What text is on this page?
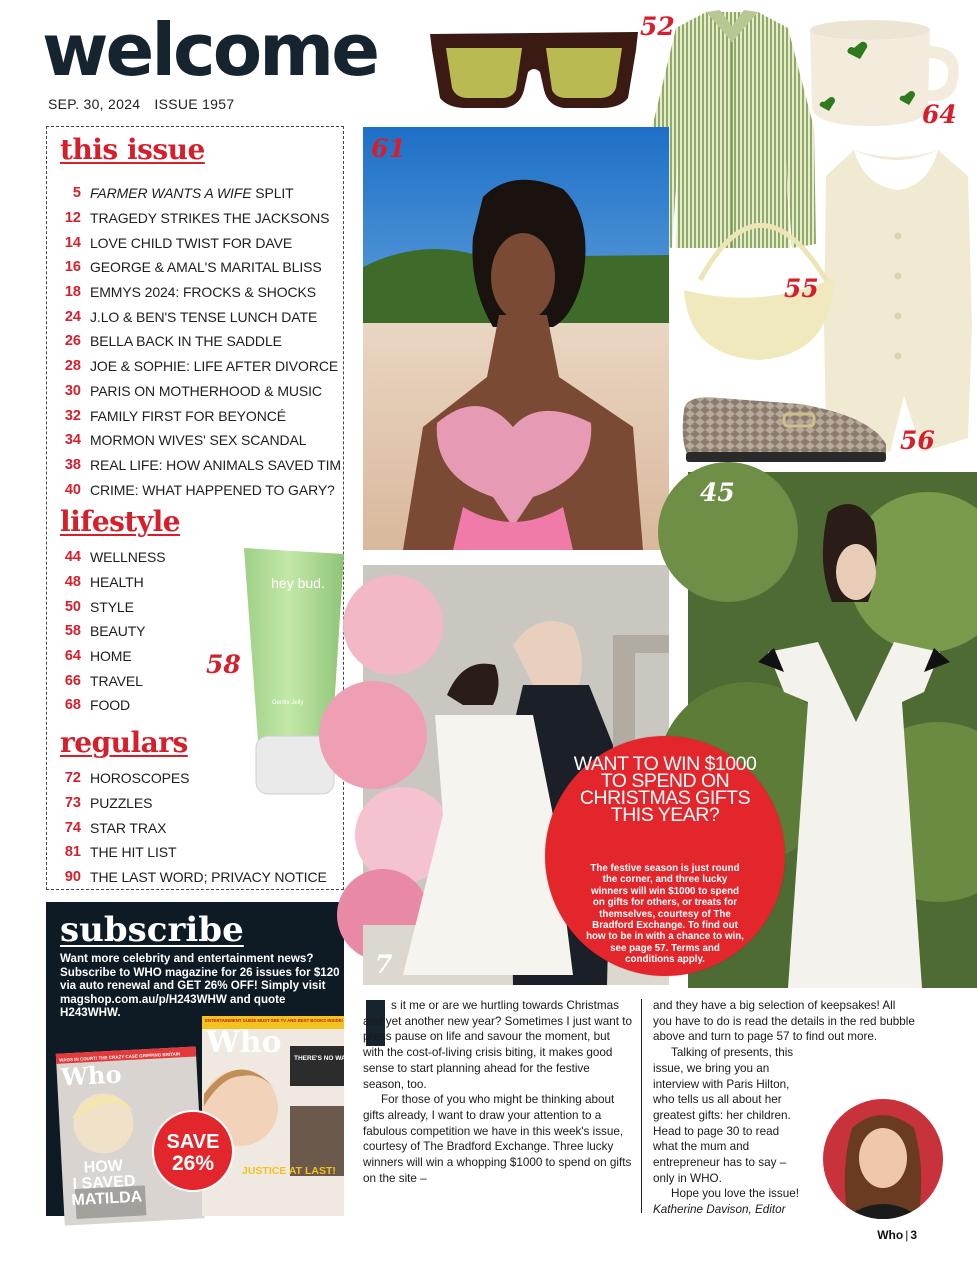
welcome
SEP. 30, 2024 ISSUE 1957
this issue
5 FARMER WANTS A WIFE SPLIT
12 TRAGEDY STRIKES THE JACKSONS
14 LOVE CHILD TWIST FOR DAVE
16 GEORGE & AMAL'S MARITAL BLISS
18 EMMYS 2024: FROCKS & SHOCKS
24 J.LO & BEN'S TENSE LUNCH DATE
26 BELLA BACK IN THE SADDLE
28 JOE & SOPHIE: LIFE AFTER DIVORCE
30 PARIS ON MOTHERHOOD & MUSIC
32 FAMILY FIRST FOR BEYONCÉ
34 MORMON WIVES' SEX SCANDAL
38 REAL LIFE: HOW ANIMALS SAVED TIM
40 CRIME: WHAT HAPPENED TO GARY?
lifestyle
44 WELLNESS
48 HEALTH
50 STYLE
58 BEAUTY
64 HOME
66 TRAVEL
68 FOOD
regulars
72 HOROSCOPES
73 PUZZLES
74 STAR TRAX
81 THE HIT LIST
90 THE LAST WORD; PRIVACY NOTICE
hey bud.
Gentle Jelly
58
subscribe
Want more celebrity and entertainment news? Subscribe to WHO magazine for 26 issues for $120 via auto renewal and GET 26% OFF! Simply visit magshop.com.au/p/H243WHW and quote H243WHW.
Who
WAGS IN COURT! THE CRAZY CASE GRIPPING BRITAIN
HOW
I SAVED
MATILDA
ENTERTAINMENT GUIDE MUST-SEE TV AND BEST BOOKS INSIDE!
THERE'S NO WAY BACK!
Who
JUSTICE AT LAST!
SAVE
26%
52
64
55
56
61
7
45
WANT TO WIN $1000 TO SPEND ON CHRISTMAS GIFTS THIS YEAR?
The festive season is just round the corner, and three lucky winners will win $1000 to spend on gifts for others, or treats for themselves, courtesy of The Bradford Exchange. To find out how to be in with a chance to win, see page 57. Terms and conditions apply.

s it me or are we hurtling towards Christmas and yet another new year? Sometimes I just want to press pause on life and savour the moment, but with the cost-of-living crisis biting, it makes good sense to start planning ahead for the festive season, too.

For those of you who might be thinking about gifts already, I want to draw your attention to a fabulous competition we have in this week's issue, courtesy of The Bradford Exchange. Three lucky winners will win a whopping $1000 to spend on gifts on the site –

and they have a big selection of keepsakes! All you have to do is read the details in the red bubble above and turn to page 57 to find out more.

Talking of presents, this issue, we bring you an interview with Paris Hilton, who tells us all about her greatest gifts: her children. Head to page 30 to read what the mum and entrepreneur has to say – only in WHO.

Hope you love the issue!

Katherine Davison, Editor

Who | 3
